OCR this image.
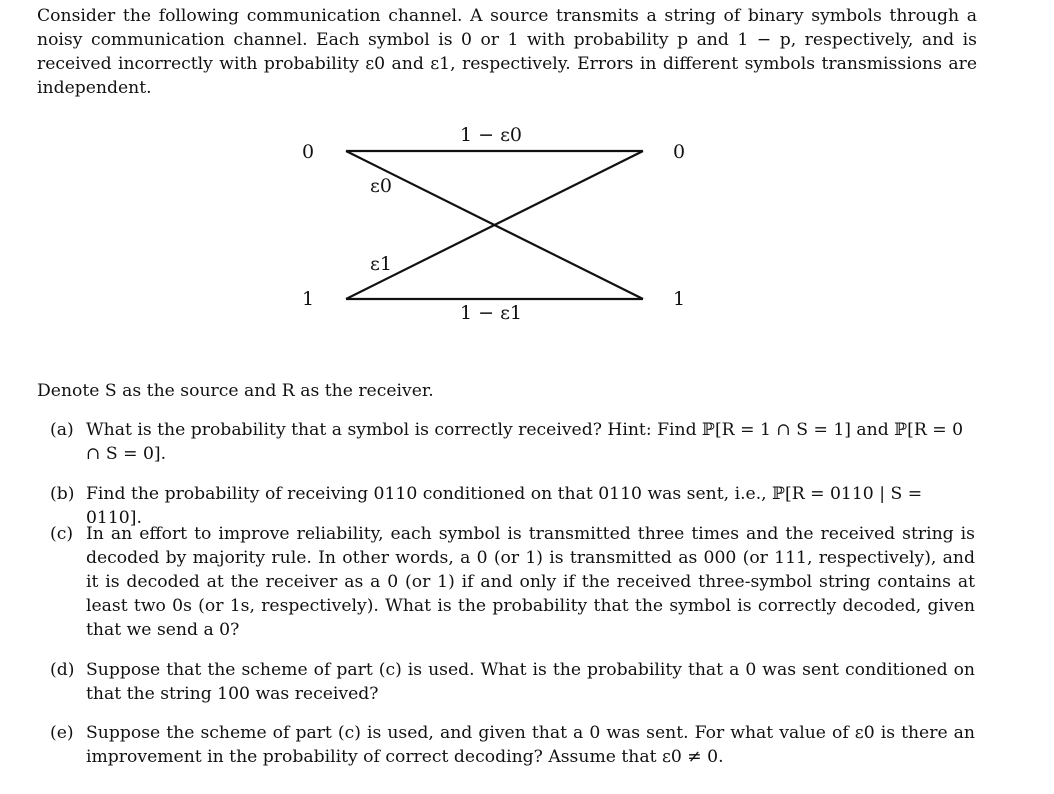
Consider the following communication channel. A source transmits a string of binary symbols through a noisy communication channel. Each symbol is 0 or 1 with probability p and 1 − p, respectively, and is received incorrectly with probability ε0 and ε1, respectively. Errors in different symbols transmissions are independent.
0
1
0
1
1 − ε0
1 − ε1
ε0
ε1
Denote S as the source and R as the receiver.
(a) What is the probability that a symbol is correctly received? Hint: Find ℙ[R = 1 ∩ S = 1] and ℙ[R = 0 ∩ S = 0].
(b) Find the probability of receiving 0110 conditioned on that 0110 was sent, i.e., ℙ[R = 0110 | S = 0110].
(c) In an effort to improve reliability, each symbol is transmitted three times and the received string is decoded by majority rule. In other words, a 0 (or 1) is transmitted as 000 (or 111, respectively), and it is decoded at the receiver as a 0 (or 1) if and only if the received three-symbol string contains at least two 0s (or 1s, respectively). What is the probability that the symbol is correctly decoded, given that we send a 0?
(d) Suppose that the scheme of part (c) is used. What is the probability that a 0 was sent conditioned on that the string 100 was received?
(e) Suppose the scheme of part (c) is used, and given that a 0 was sent. For what value of ε0 is there an improvement in the probability of correct decoding? Assume that ε0 ≠ 0.
